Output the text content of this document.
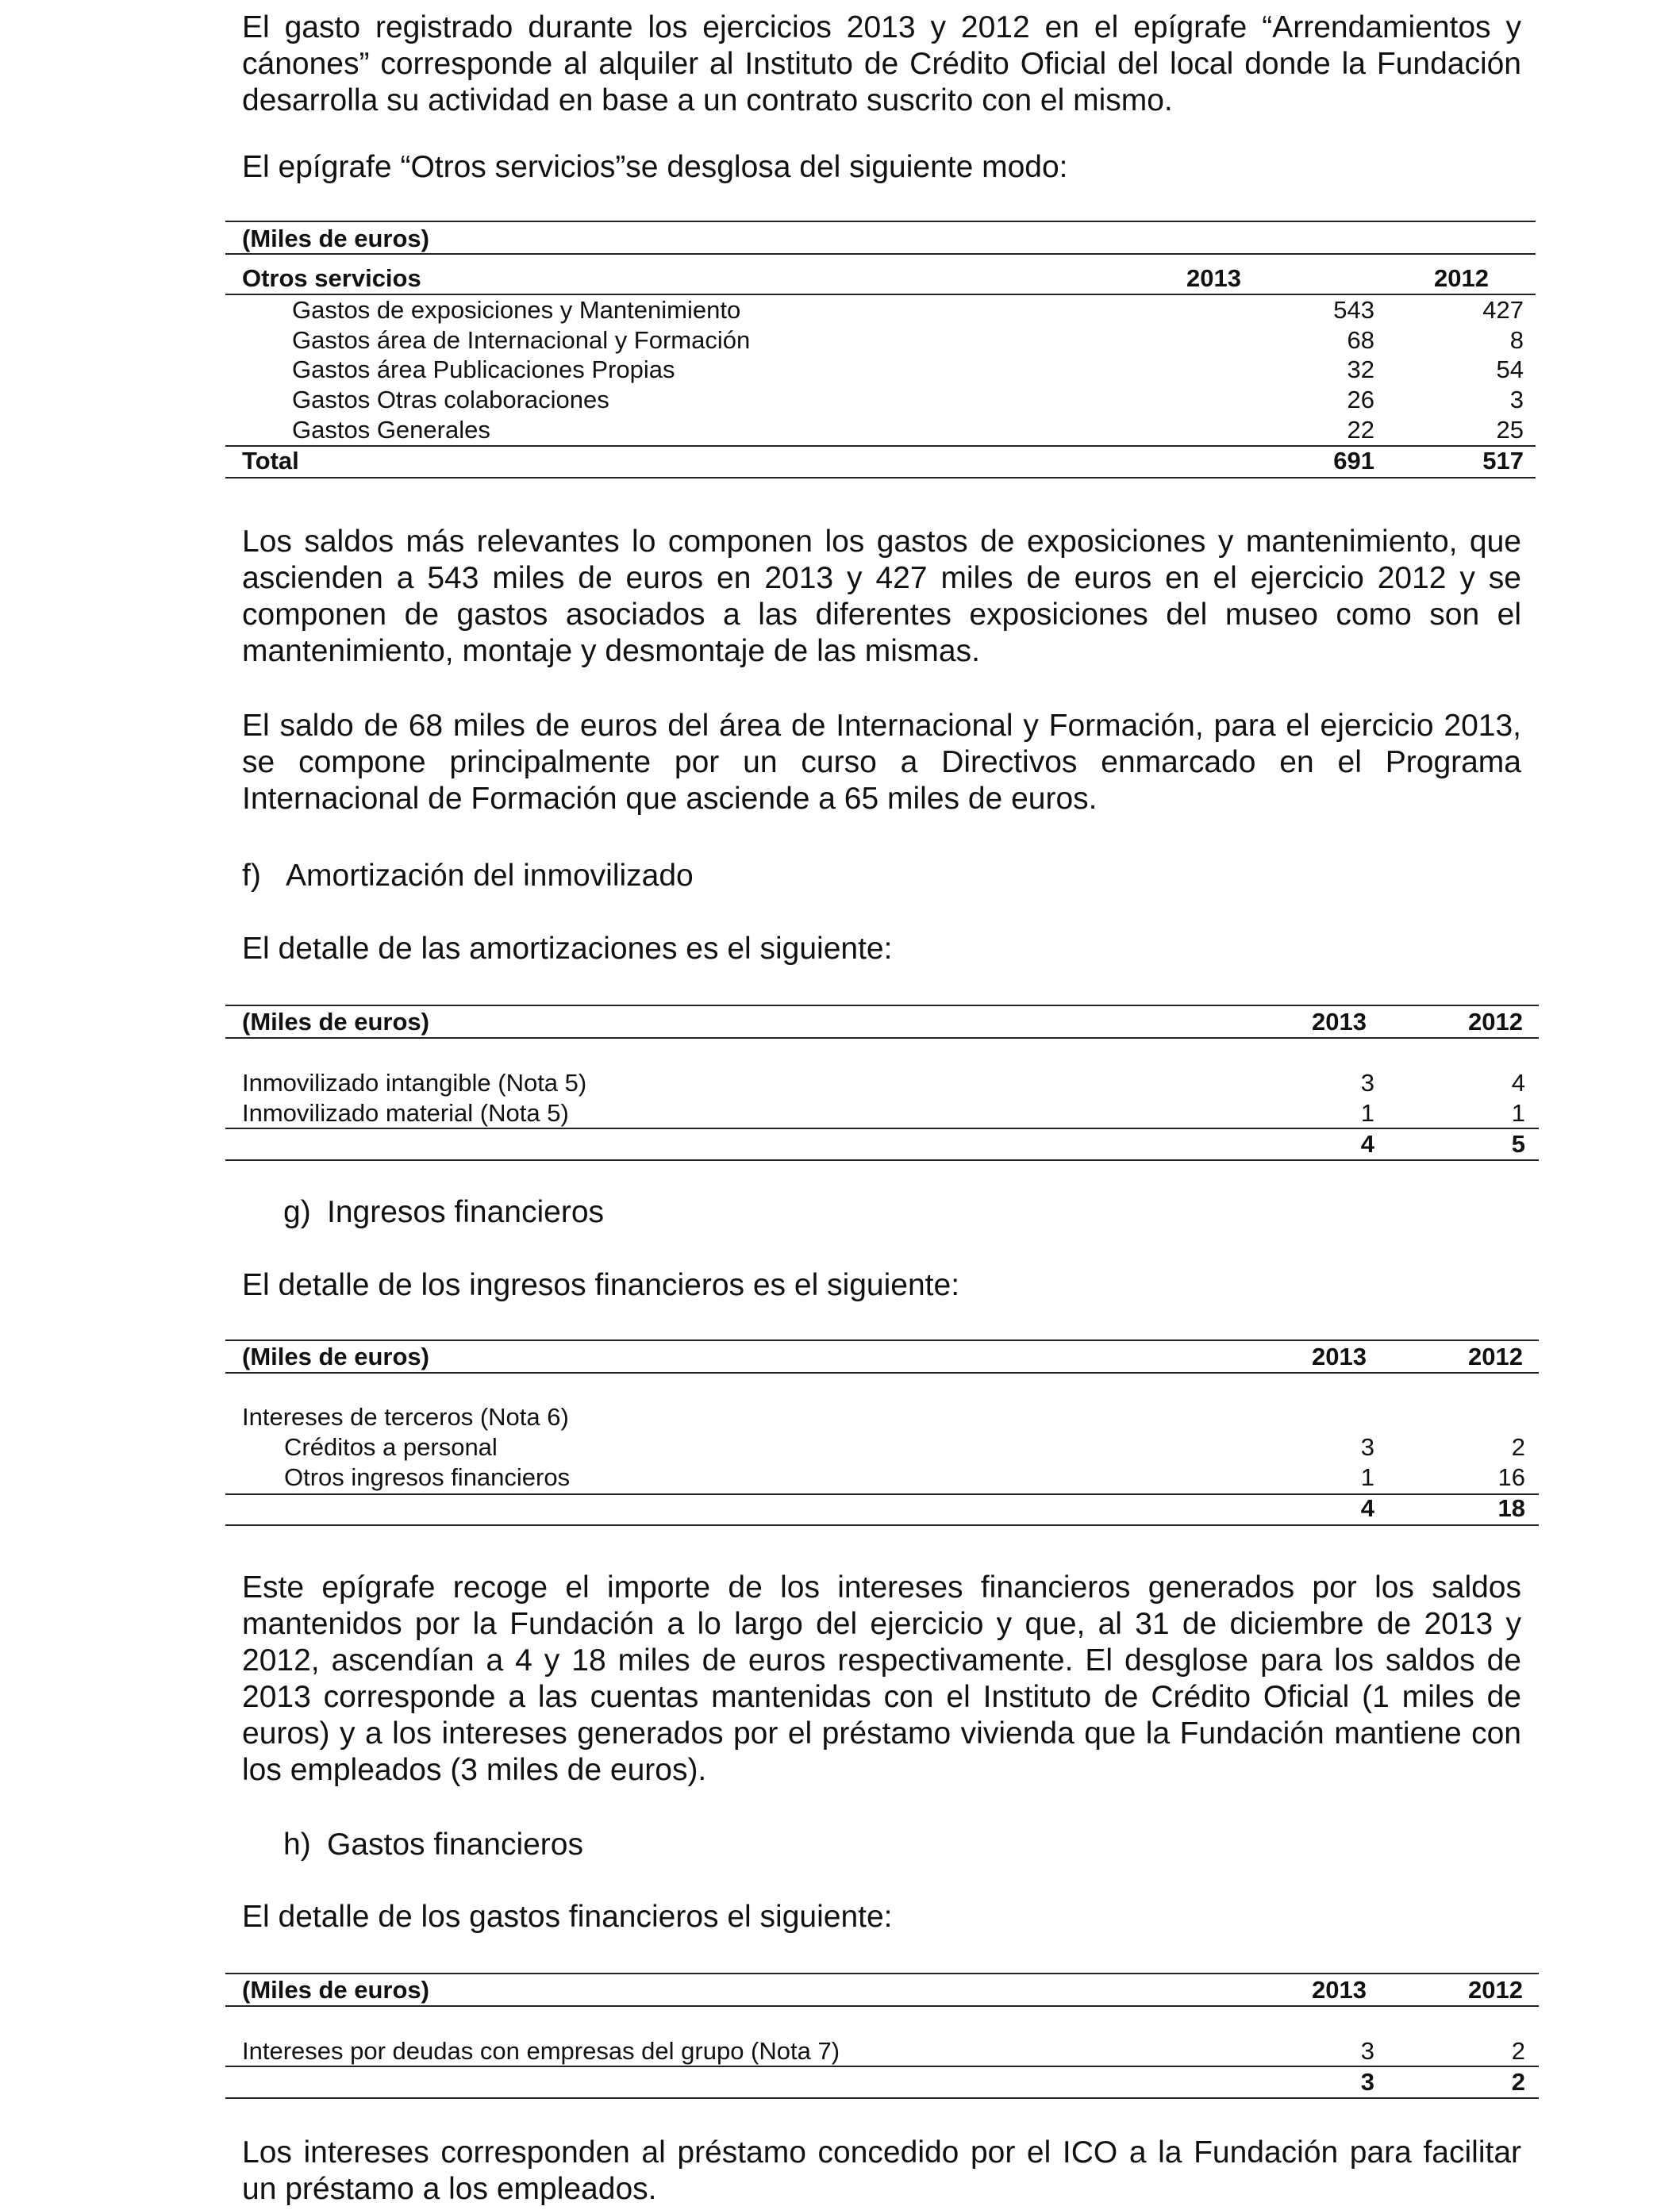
El gasto registrado durante los ejercicios 2013 y 2012 en el epígrafe “Arrendamientos y cánones” corresponde al alquiler al Instituto de Crédito Oficial del local donde la Fundación desarrolla su actividad en base a un contrato suscrito con el mismo.

El epígrafe “Otros servicios”se desglosa del siguiente modo:

(Miles de euros)
Otros servicios	2013	2012
Gastos de exposiciones y Mantenimiento	543	427
Gastos área de Internacional y Formación	68	8
Gastos área Publicaciones Propias	32	54
Gastos Otras colaboraciones	26	3
Gastos Generales	22	25
Total	691	517

Los saldos más relevantes lo componen los gastos de exposiciones y mantenimiento, que ascienden a 543 miles de euros en 2013 y 427 miles de euros en el ejercicio 2012 y se componen de gastos asociados a las diferentes exposiciones del museo como son el mantenimiento, montaje y desmontaje de las mismas.

El saldo de 68 miles de euros del área de Internacional y Formación, para el ejercicio 2013, se compone principalmente por un curso a Directivos enmarcado en el Programa Internacional de Formación que asciende a 65 miles de euros.

f) Amortización del inmovilizado

El detalle de las amortizaciones es el siguiente:

(Miles de euros)	2013	2012
Inmovilizado intangible (Nota 5)	3	4
Inmovilizado material (Nota 5)	1	1
4	5
g) Ingresos financieros

El detalle de los ingresos financieros es el siguiente:

(Miles de euros)	2013	2012
Intereses de terceros (Nota 6)
Créditos a personal	3	2
Otros ingresos financieros	1	16
4	18

Este epígrafe recoge el importe de los intereses financieros generados por los saldos mantenidos por la Fundación a lo largo del ejercicio y que, al 31 de diciembre de 2013 y 2012, ascendían a 4 y 18 miles de euros respectivamente. El desglose para los saldos de 2013 corresponde a las cuentas mantenidas con el Instituto de Crédito Oficial (1 miles de euros) y a los intereses generados por el préstamo vivienda que la Fundación mantiene con los empleados (3 miles de euros).

h) Gastos financieros

El detalle de los gastos financieros el siguiente:

(Miles de euros)	2013	2012
Intereses por deudas con empresas del grupo (Nota 7)	3	2
3	2

Los intereses corresponden al préstamo concedido por el ICO a la Fundación para facilitar un préstamo a los empleados.
